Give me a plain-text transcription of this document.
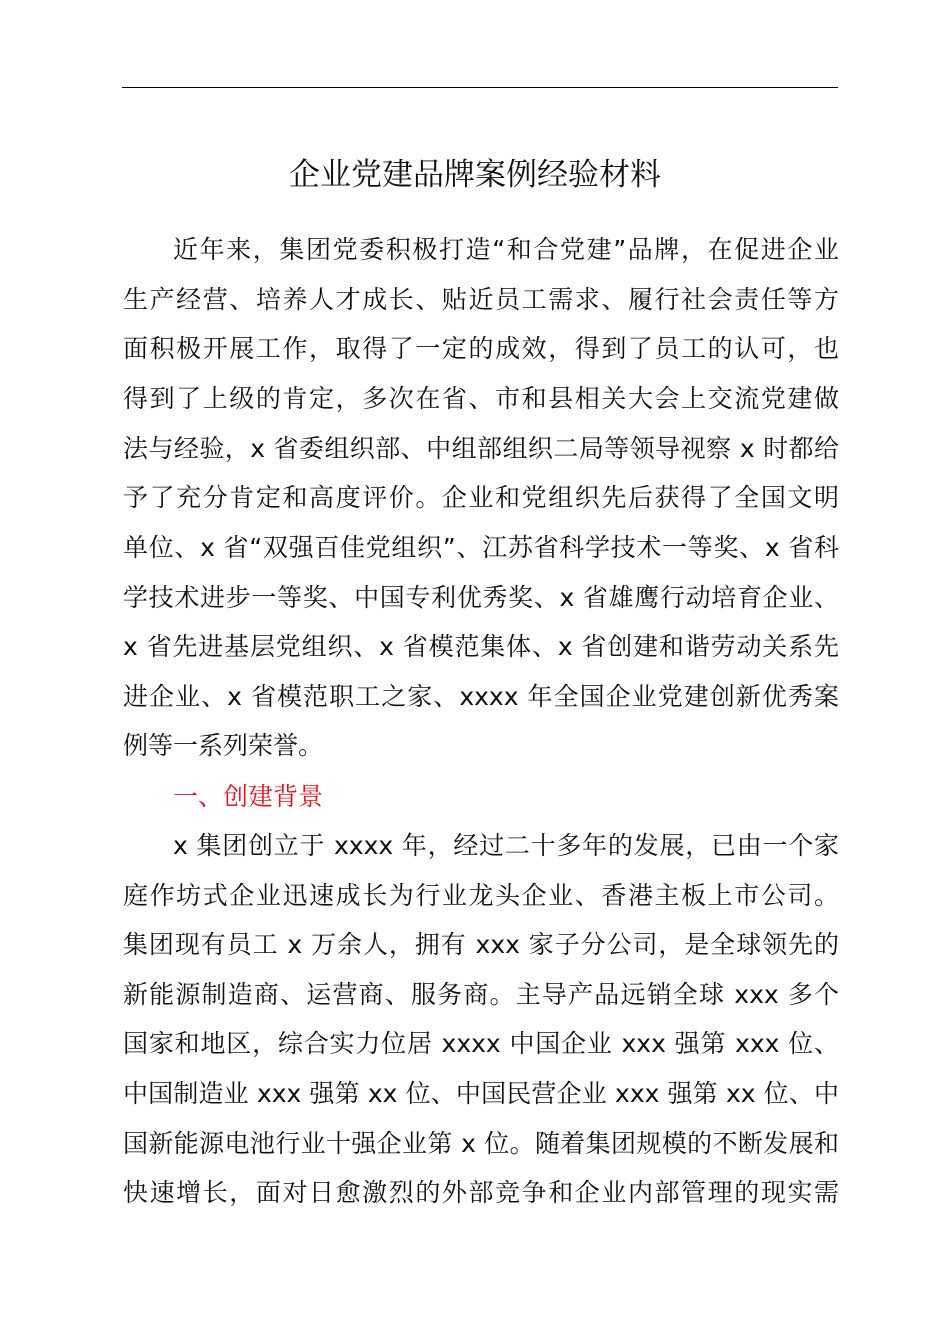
企业党建品牌案例经验材料
近年来，集团党委积极打造“和合党建”品牌，在促进企业
生产经营、培养人才成长、贴近员工需求、履行社会责任等方
面积极开展工作，取得了一定的成效，得到了员工的认可，也
得到了上级的肯定，多次在省、市和县相关大会上交流党建做
法与经验，x 省委组织部、中组部组织二局等领导视察 x 时都给
予了充分肯定和高度评价。企业和党组织先后获得了全国文明
单位、x 省“双强百佳党组织”、江苏省科学技术一等奖、x 省科
学技术进步一等奖、中国专利优秀奖、x 省雄鹰行动培育企业、
x 省先进基层党组织、x 省模范集体、x 省创建和谐劳动关系先
进企业、x 省模范职工之家、xxxx 年全国企业党建创新优秀案
例等一系列荣誉。
一、创建背景
x 集团创立于 xxxx 年，经过二十多年的发展，已由一个家
庭作坊式企业迅速成长为行业龙头企业、香港主板上市公司。
集团现有员工 x 万余人，拥有 xxx 家子分公司，是全球领先的
新能源制造商、运营商、服务商。主导产品远销全球 xxx 多个
国家和地区，综合实力位居 xxxx 中国企业 xxx 强第 xxx 位、
中国制造业 xxx 强第 xx 位、中国民营企业 xxx 强第 xx 位、中
国新能源电池行业十强企业第 x 位。随着集团规模的不断发展和
快速增长，面对日愈激烈的外部竞争和企业内部管理的现实需
